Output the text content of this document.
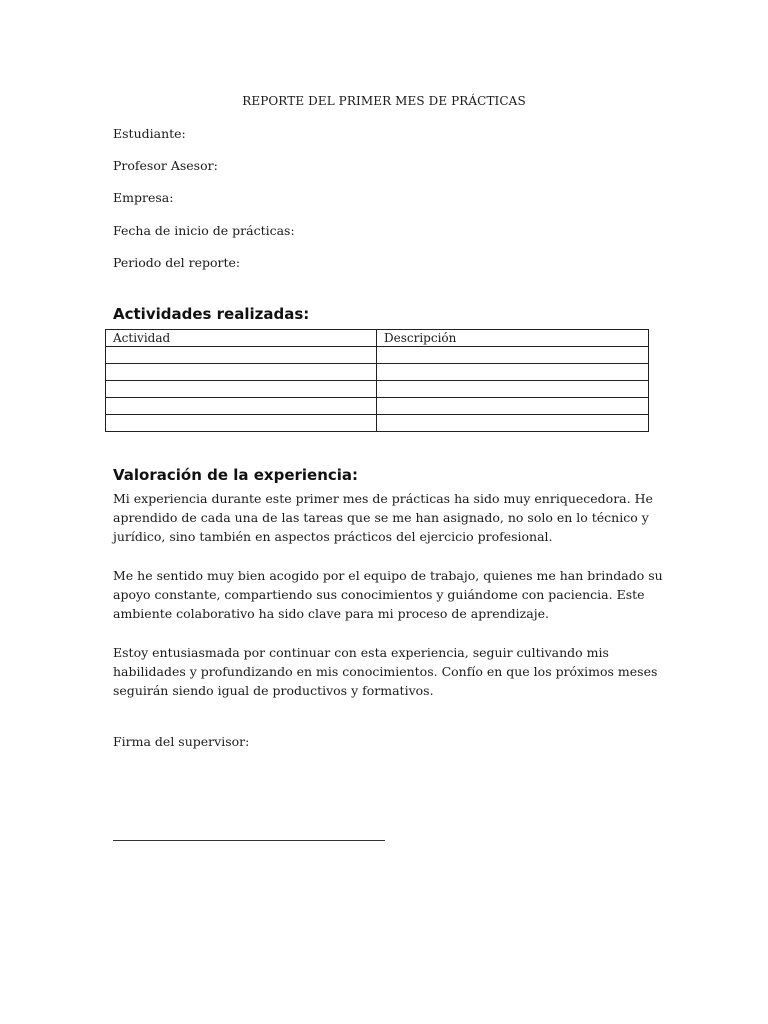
REPORTE DEL PRIMER MES DE PRÁCTICAS
Estudiante:
Profesor Asesor:
Empresa:
Fecha de inicio de prácticas:
Periodo del reporte:
Actividades realizadas:
Actividad	Descripción

Valoración de la experiencia:
Mi experiencia durante este primer mes de prácticas ha sido muy enriquecedora. He aprendido de cada una de las tareas que se me han asignado, no solo en lo técnico y jurídico, sino también en aspectos prácticos del ejercicio profesional.
Me he sentido muy bien acogido por el equipo de trabajo, quienes me han brindado su apoyo constante, compartiendo sus conocimientos y guiándome con paciencia. Este ambiente colaborativo ha sido clave para mi proceso de aprendizaje.
Estoy entusiasmada por continuar con esta experiencia, seguir cultivando mis habilidades y profundizando en mis conocimientos. Confío en que los próximos meses seguirán siendo igual de productivos y formativos.
Firma del supervisor:
